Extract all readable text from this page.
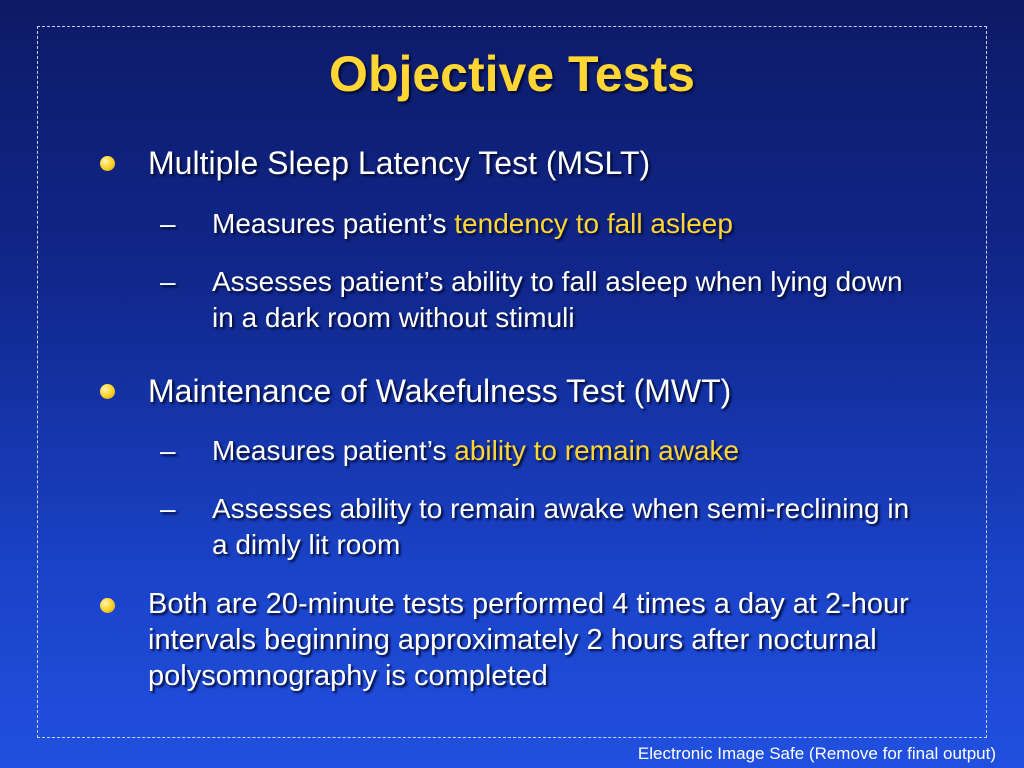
Objective Tests
Multiple Sleep Latency Test (MSLT)
– Measures patient’s tendency to fall asleep
– Assesses patient’s ability to fall asleep when lying down in a dark room without stimuli
Maintenance of Wakefulness Test (MWT)
– Measures patient’s ability to remain awake
– Assesses ability to remain awake when semi-reclining in a dimly lit room
Both are 20-minute tests performed 4 times a day at 2-hour intervals beginning approximately 2 hours after nocturnal polysomnography is completed
Electronic Image Safe (Remove for final output)
